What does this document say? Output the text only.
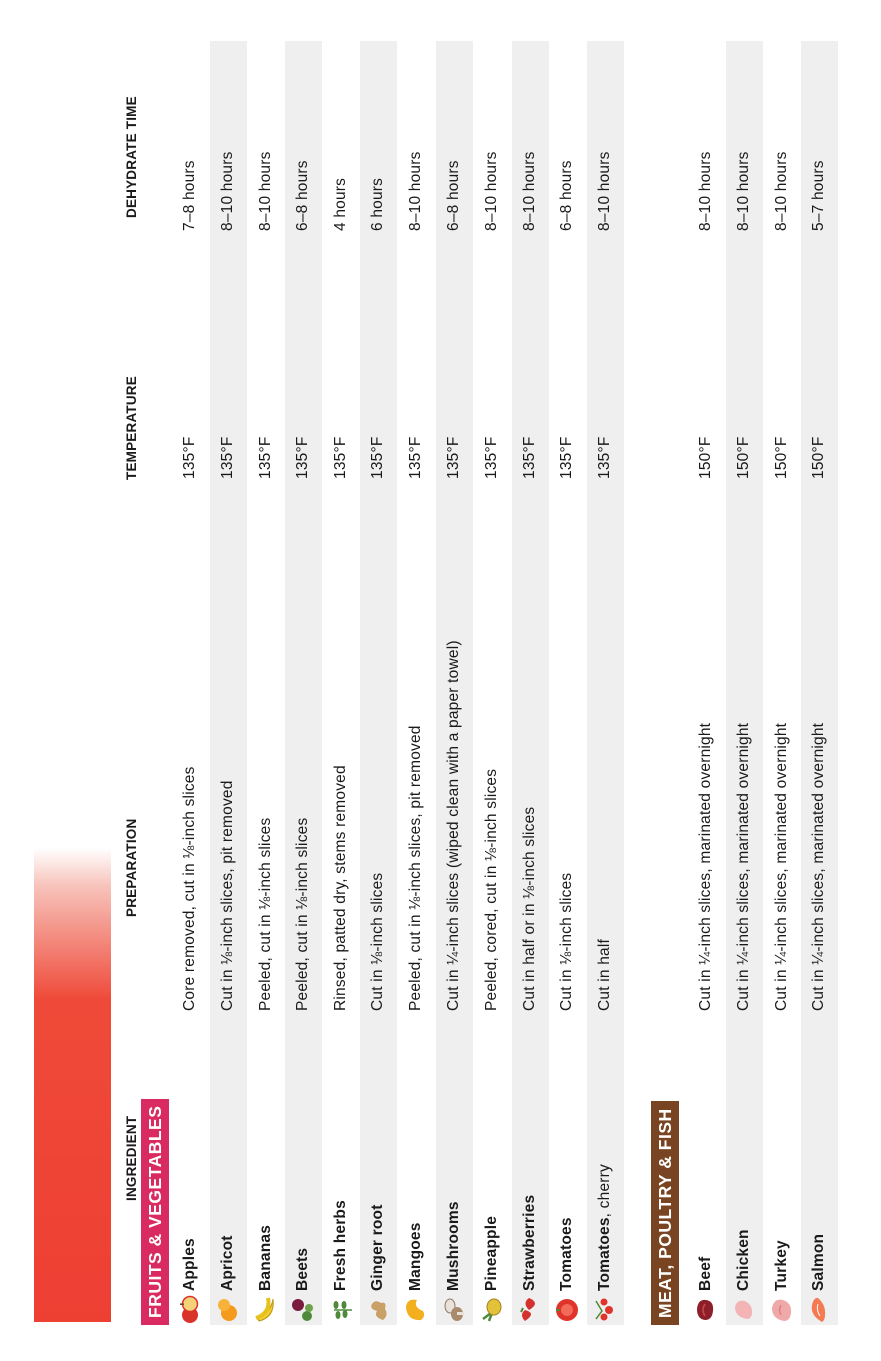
INGREDIENT
PREPARATION
TEMPERATURE
DEHYDRATE TIME
FRUITS & VEGETABLES Apples
Core removed, cut in ⅛-inch slices
135°F
7–8 hours
Apricot
Cut in ⅛-inch slices, pit removed
135°F
8–10 hours
Bananas
Peeled, cut in ⅛-inch slices
135°F
8–10 hours
Beets
Peeled, cut in ⅛-inch slices
135°F
6–8 hours
Fresh herbs
Rinsed, patted dry, stems removed
135°F
4 hours
Ginger root
Cut in ⅛-inch slices
135°F
6 hours
Mangoes
Peeled, cut in ⅛-inch slices, pit removed
135°F
8–10 hours
Mushrooms
Cut in ¼-inch slices (wiped clean with a paper towel)
135°F
6–8 hours
Pineapple
Peeled, cored, cut in ⅛-inch slices
135°F
8–10 hours
Strawberries
Cut in half or in ⅛-inch slices
135°F
8–10 hours
Tomatoes
Cut in ⅛-inch slices
135°F
6–8 hours
Tomatoes, cherry
Cut in half
135°F
8–10 hours
MEAT, POULTRY & FISH Beef
Cut in ¼-inch slices, marinated overnight
150°F
8–10 hours
Chicken
Cut in ¼-inch slices, marinated overnight
150°F
8–10 hours
Turkey
Cut in ¼-inch slices, marinated overnight
150°F
8–10 hours
Salmon
Cut in ¼-inch slices, marinated overnight
150°F
5–7 hours
